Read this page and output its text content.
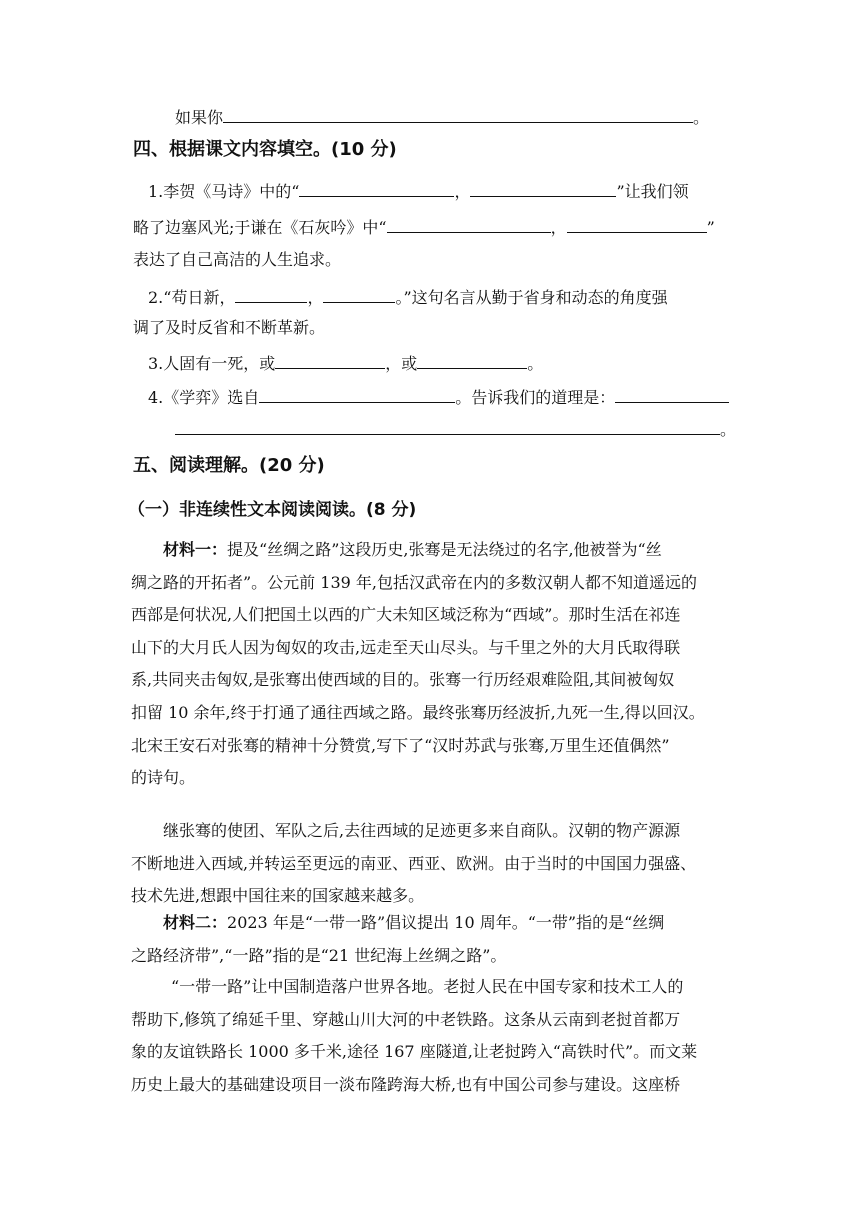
如果你	。
四、根据课文内容填空。(10 分)
1.李贺《马诗》中的“	，	”让我们领
略了边塞风光;于谦在《石灰吟》中“	，	”
表达了自己高洁的人生追求。
2.“苟日新，	，	。”这句名言从勤于省身和动态的角度强
调了及时反省和不断革新。
3.人固有一死，或	，或	。
4.《学弈》选自	。告诉我们的道理是：
。
五、阅读理解。(20 分)
（一）非连续性文本阅读阅读。(8 分)
材料一：提及“丝绸之路”这段历史,张骞是无法绕过的名字,他被誉为“丝
绸之路的开拓者”。公元前 139 年,包括汉武帝在内的多数汉朝人都不知道遥远的
西部是何状况,人们把国土以西的广大未知区域泛称为“西域”。那时生活在祁连
山下的大月氏人因为匈奴的攻击,远走至天山尽头。与千里之外的大月氏取得联
系,共同夹击匈奴,是张骞出使西域的目的。张骞一行历经艰难险阻,其间被匈奴
扣留 10 余年,终于打通了通往西域之路。最终张骞历经波折,九死一生,得以回汉。
北宋王安石对张骞的精神十分赞赏,写下了“汉时苏武与张骞,万里生还值偶然”
的诗句。
继张骞的使团、军队之后,去往西域的足迹更多来自商队。汉朝的物产源源
不断地进入西域,并转运至更远的南亚、西亚、欧洲。由于当时的中国国力强盛、
技术先进,想跟中国往来的国家越来越多。
材料二：2023 年是“一带一路”倡议提出 10 周年。“一带”指的是“丝绸
之路经济带”,“一路”指的是“21 世纪海上丝绸之路”。
“一带一路”让中国制造落户世界各地。老挝人民在中国专家和技术工人的
帮助下,修筑了绵延千里、穿越山川大河的中老铁路。这条从云南到老挝首都万
象的友谊铁路长 1000 多千米,途径 167 座隧道,让老挝跨入“高铁时代”。而文莱
历史上最大的基础建设项目一淡布隆跨海大桥,也有中国公司参与建设。这座桥
